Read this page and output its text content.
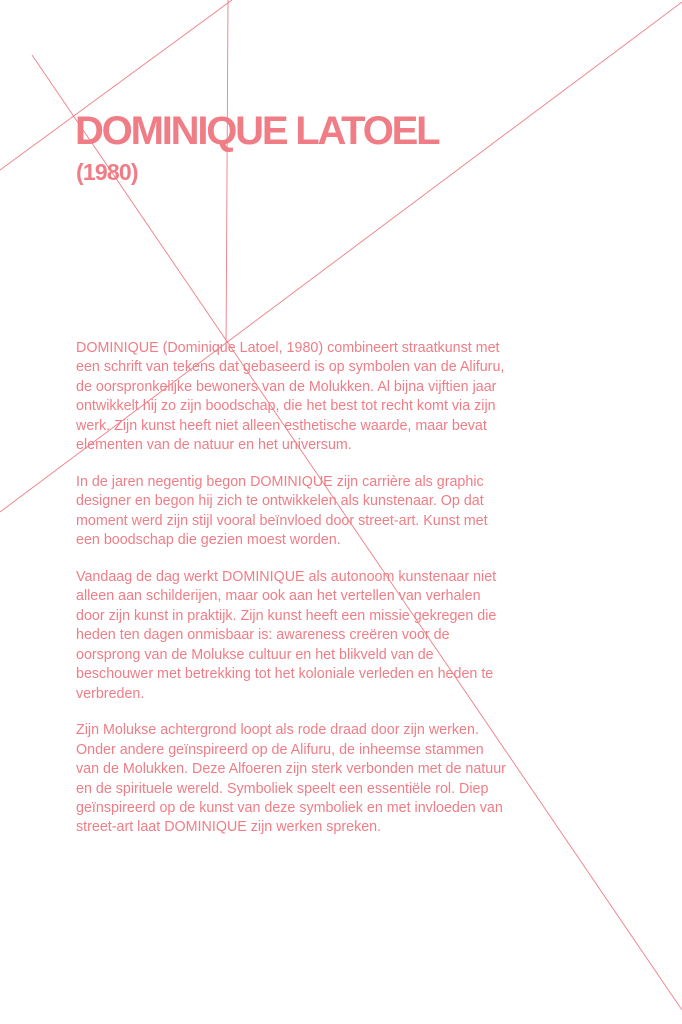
DOMINIQUE LATOEL
(1980)

DOMINIQUE (Dominique Latoel, 1980) combineert straatkunst met een schrift van tekens dat gebaseerd is op symbolen van de Alifuru, de oorspronkelijke bewoners van de Molukken. Al bijna vijftien jaar ontwikkelt hij zo zijn boodschap, die het best tot recht komt via zijn werk. Zijn kunst heeft niet alleen esthetische waarde, maar bevat elementen van de natuur en het universum.

In de jaren negentig begon DOMINIQUE zijn carrière als graphic designer en begon hij zich te ontwikkelen als kunstenaar. Op dat moment werd zijn stijl vooral beïnvloed door street-art. Kunst met een boodschap die gezien moest worden.

Vandaag de dag werkt DOMINIQUE als autonoom kunstenaar niet alleen aan schilderijen, maar ook aan het vertellen van verhalen door zijn kunst in praktijk. Zijn kunst heeft een missie gekregen die heden ten dagen onmisbaar is: awareness creëren voor de oorsprong van de Molukse cultuur en het blikveld van de beschouwer met betrekking tot het koloniale verleden en heden te verbreden.

Zijn Molukse achtergrond loopt als rode draad door zijn werken. Onder andere geïnspireerd op de Alifuru, de inheemse stammen van de Molukken. Deze Alfoeren zijn sterk verbonden met de natuur en de spirituele wereld. Symboliek speelt een essentiële rol. Diep geïnspireerd op de kunst van deze symboliek en met invloeden van street-art laat DOMINIQUE zijn werken spreken.
